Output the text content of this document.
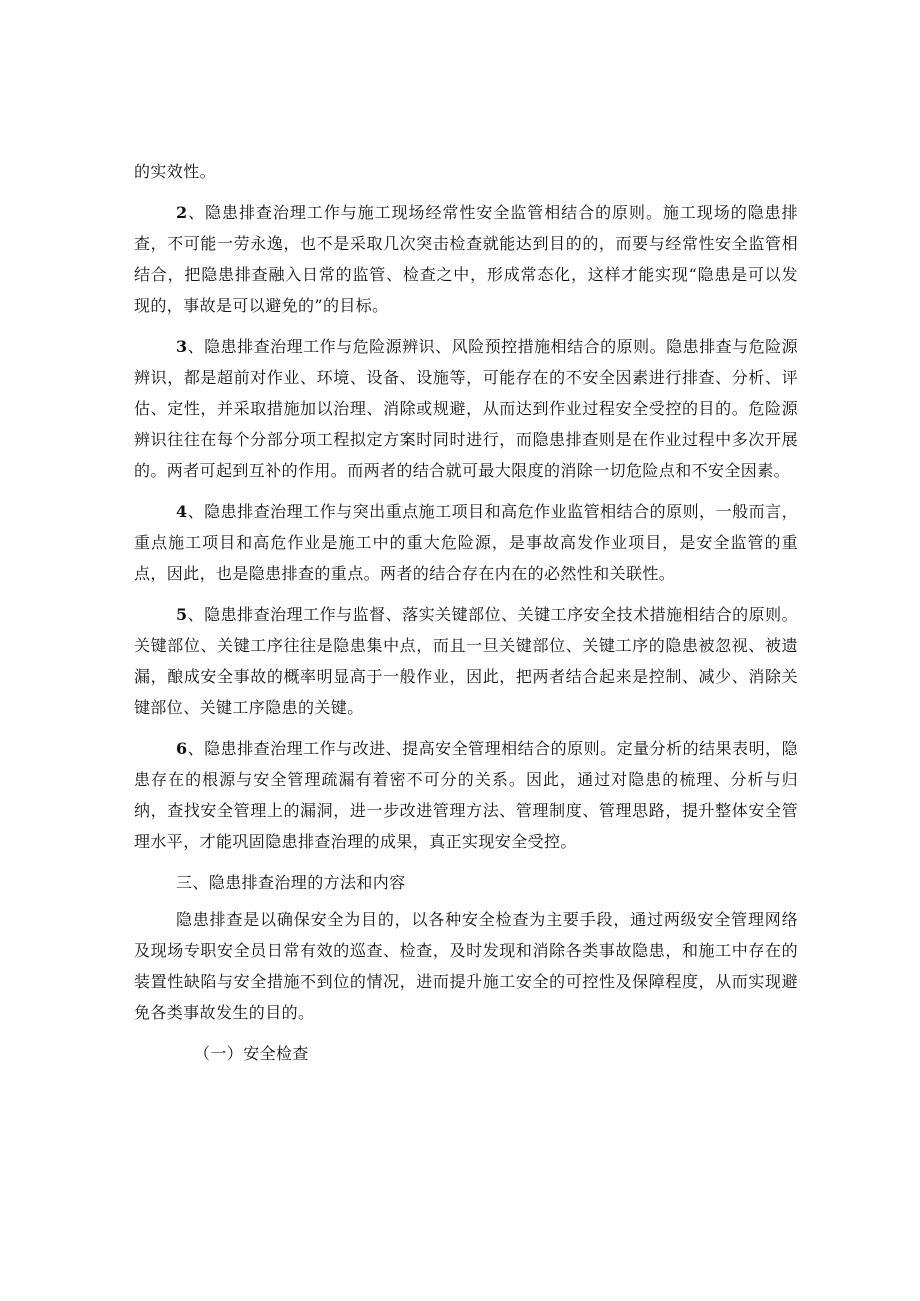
的实效性。

2、隐患排查治理工作与施工现场经常性安全监管相结合的原则。施工现场的隐患排查，不可能一劳永逸，也不是采取几次突击检查就能达到目的的，而要与经常性安全监管相结合，把隐患排查融入日常的监管、检查之中，形成常态化，这样才能实现“隐患是可以发现的，事故是可以避免的”的目标。

3、隐患排查治理工作与危险源辨识、风险预控措施相结合的原则。隐患排查与危险源辨识，都是超前对作业、环境、设备、设施等，可能存在的不安全因素进行排查、分析、评估、定性，并采取措施加以治理、消除或规避，从而达到作业过程安全受控的目的。危险源辨识往往在每个分部分项工程拟定方案时同时进行，而隐患排查则是在作业过程中多次开展的。两者可起到互补的作用。而两者的结合就可最大限度的消除一切危险点和不安全因素。

4、隐患排查治理工作与突出重点施工项目和高危作业监管相结合的原则，一般而言，重点施工项目和高危作业是施工中的重大危险源，是事故高发作业项目，是安全监管的重点，因此，也是隐患排查的重点。两者的结合存在内在的必然性和关联性。

5、隐患排查治理工作与监督、落实关键部位、关键工序安全技术措施相结合的原则。关键部位、关键工序往往是隐患集中点，而且一旦关键部位、关键工序的隐患被忽视、被遗漏，酿成安全事故的概率明显高于一般作业，因此，把两者结合起来是控制、减少、消除关键部位、关键工序隐患的关键。

6、隐患排查治理工作与改进、提高安全管理相结合的原则。定量分析的结果表明，隐患存在的根源与安全管理疏漏有着密不可分的关系。因此，通过对隐患的梳理、分析与归纳，查找安全管理上的漏洞，进一步改进管理方法、管理制度、管理思路，提升整体安全管理水平，才能巩固隐患排查治理的成果，真正实现安全受控。

三、隐患排查治理的方法和内容

隐患排查是以确保安全为目的，以各种安全检查为主要手段，通过两级安全管理网络及现场专职安全员日常有效的巡查、检查，及时发现和消除各类事故隐患，和施工中存在的装置性缺陷与安全措施不到位的情况，进而提升施工安全的可控性及保障程度，从而实现避免各类事故发生的目的。

（一）安全检查
